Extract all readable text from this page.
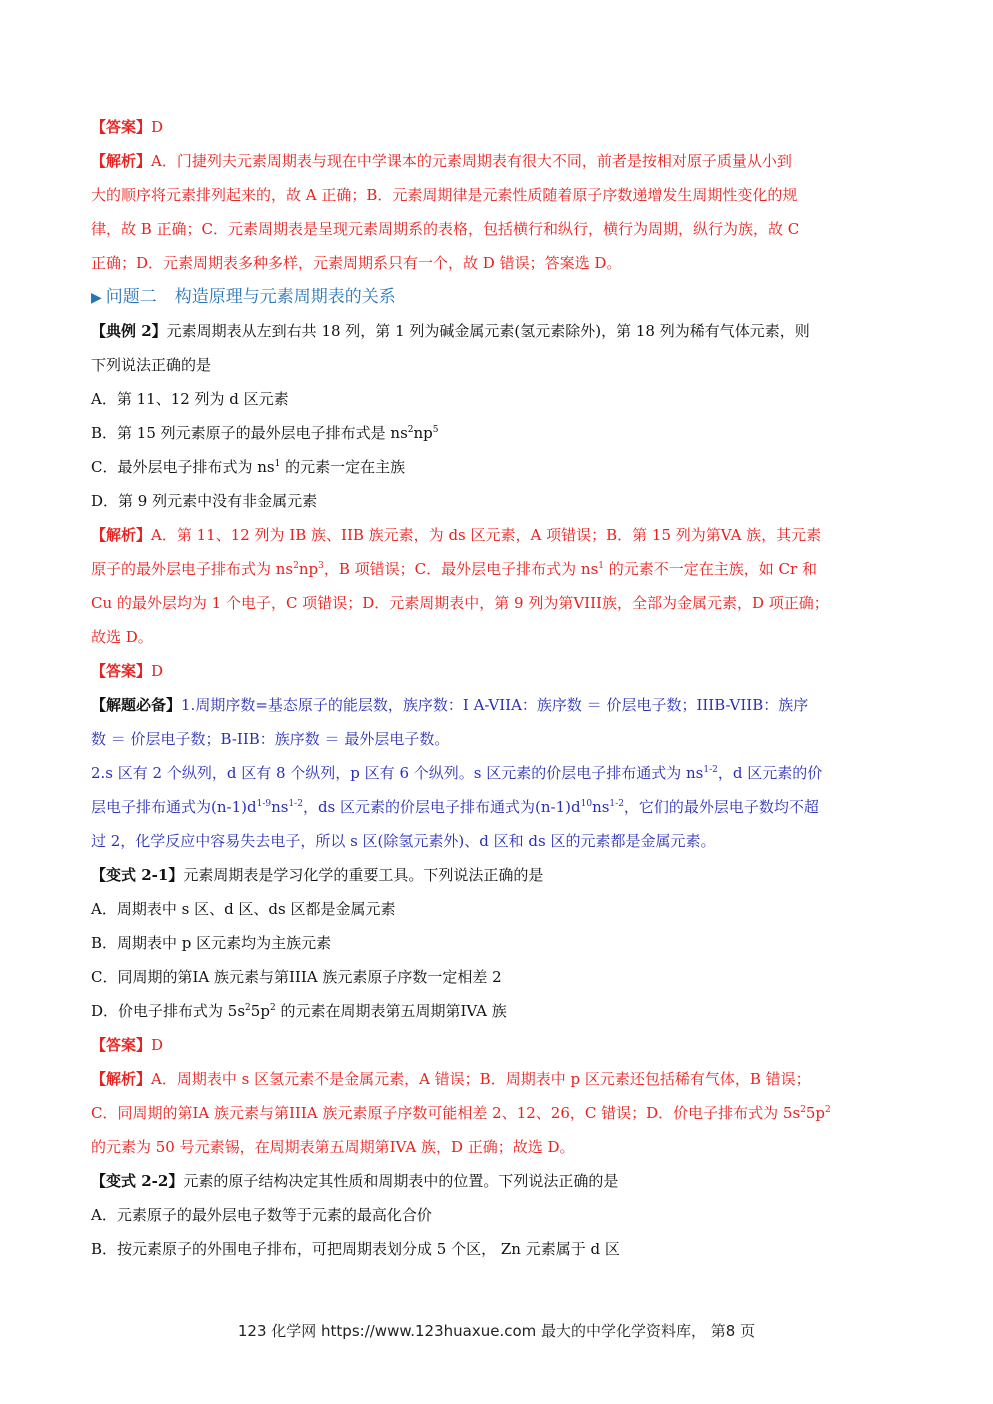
【答案】D
【解析】A．门捷列夫元素周期表与现在中学课本的元素周期表有很大不同，前者是按相对原子质量从小到
大的顺序将元素排列起来的，故 A 正确；B．元素周期律是元素性质随着原子序数递增发生周期性变化的规
律，故 B 正确；C．元素周期表是呈现元素周期系的表格，包括横行和纵行，横行为周期，纵行为族，故 C
正确；D．元素周期表多种多样，元素周期系只有一个，故 D 错误；答案选 D。
▶ 问题二 构造原理与元素周期表的关系
【典例 2】元素周期表从左到右共 18 列，第 1 列为碱金属元素(氢元素除外)，第 18 列为稀有气体元素，则
下列说法正确的是
A．第 11、12 列为 d 区元素
B．第 15 列元素原子的最外层电子排布式是 $ns^2np^5$
C．最外层电子排布式为 $ns^1$ 的元素一定在主族
D．第 9 列元素中没有非金属元素
【解析】A．第 11、12 列为 IB 族、IIB 族元素，为 ds 区元素，A 项错误；B．第 15 列为第VA 族，其元素
原子的最外层电子排布式为 $ns^2np^3$，B 项错误；C．最外层电子排布式为 $ns^1$ 的元素不一定在主族，如 Cr 和
Cu 的最外层均为 1 个电子，C 项错误；D．元素周期表中，第 9 列为第VIII族，全部为金属元素，D 项正确；
故选 D。
【答案】D
【解题必备】1.周期序数=基态原子的能层数，族序数：I A-VIIA：族序数 ＝ 价层电子数；IIIB-VIIB：族序
数 ＝ 价层电子数；B-IIB：族序数 ＝ 最外层电子数。
2.s 区有 2 个纵列，d 区有 8 个纵列，p 区有 6 个纵列。s 区元素的价层电子排布通式为 $ns^{1-2}$，d 区元素的价
层电子排布通式为$(n-1)d^{1-9}ns^{1-2}$，ds 区元素的价层电子排布通式为$(n-1)d^{10}ns^{1-2}$，它们的最外层电子数均不超
过 2，化学反应中容易失去电子，所以 s 区(除氢元素外)、d 区和 ds 区的元素都是金属元素。
【变式 2-1】元素周期表是学习化学的重要工具。下列说法正确的是
A．周期表中 s 区、d 区、ds 区都是金属元素
B．周期表中 p 区元素均为主族元素
C．同周期的第IA 族元素与第IIIA 族元素原子序数一定相差 2
D．价电子排布式为 $5s^25p^2$ 的元素在周期表第五周期第IVA 族
【答案】D
【解析】A．周期表中 s 区氢元素不是金属元素，A 错误；B．周期表中 p 区元素还包括稀有气体，B 错误；
C．同周期的第IA 族元素与第IIIA 族元素原子序数可能相差 2、12、26，C 错误；D．价电子排布式为 $5s^25p^2$
的元素为 50 号元素锡，在周期表第五周期第IVA 族，D 正确；故选 D。
【变式 2-2】元素的原子结构决定其性质和周期表中的位置。下列说法正确的是
A．元素原子的最外层电子数等于元素的最高化合价
B．按元素原子的外围电子排布，可把周期表划分成 5 个区， Zn 元素属于 d 区
123 化学网 https://www.123huaxue.com 最大的中学化学资料库， 第8 页
